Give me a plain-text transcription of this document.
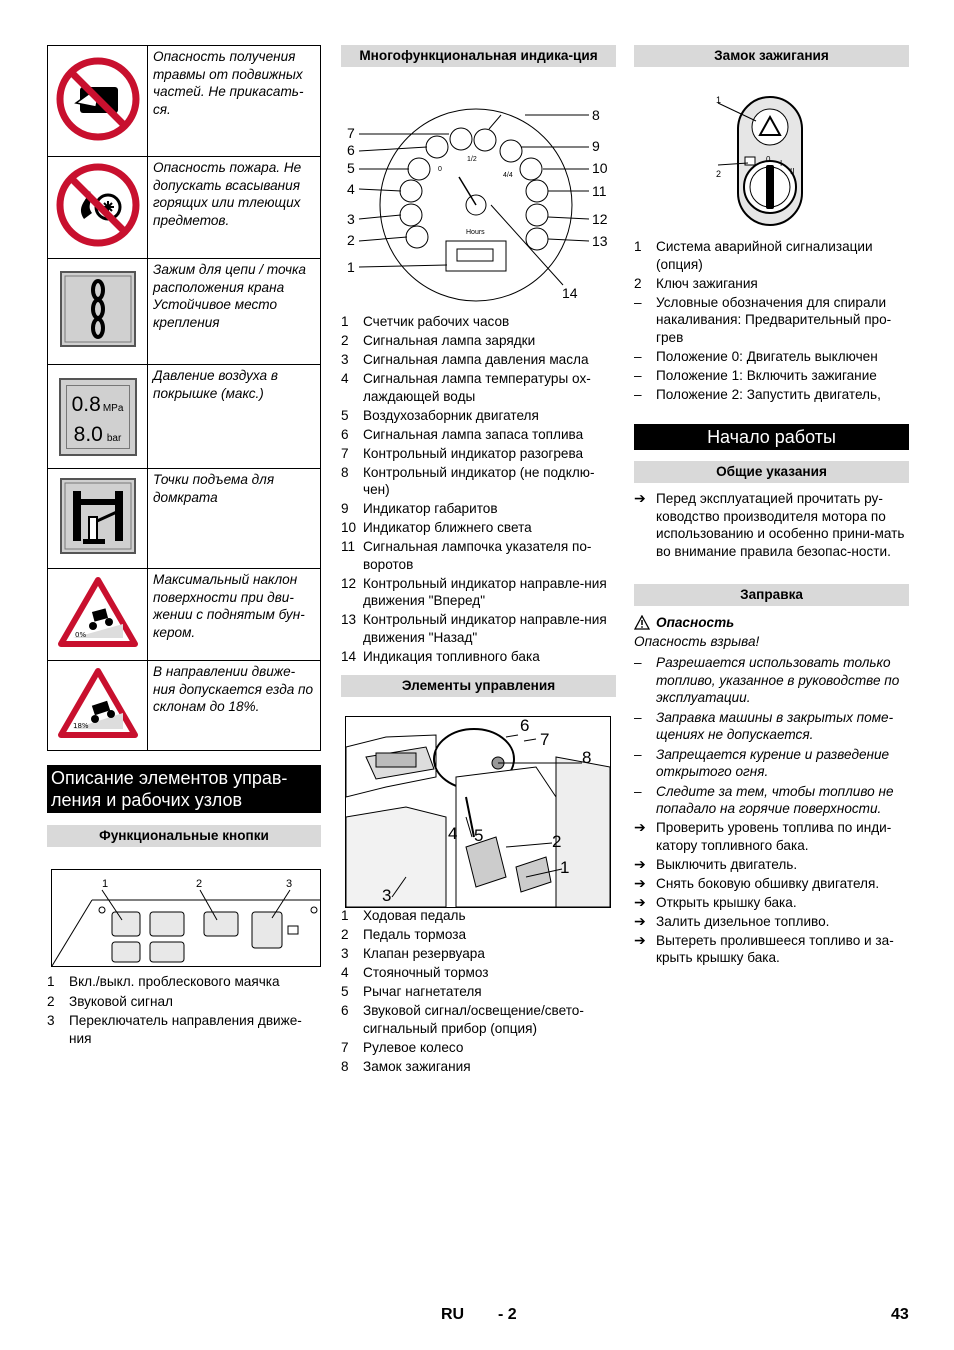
	Опасность получения травмы от подвижных частей. Не прикасать-ся.
	Опасность пожара. Не допускать всасывания горящих или тлеющих предметов.
	Зажим для цепи / точка расположения крана Устойчивое место крепления

0.8 MPa
8.0 bar	Давление воздуха в покрышке (макс.)
	Точки подъема для домкрата

0%	Максимальный наклон поверхности при дви-жении с поднятым бун-кером.

18%	В направлении движе-ния допускается езда по склонам до 18%.
Описание элементов управ-ления и рабочих узлов
Функциональные кнопки
1	2	3
1	Вкл./выкл. проблескового маячка
2	Звуковой сигнал
3	Переключатель направления движе-ния
Многофункциональная индика-ция
Hours
0
1/2
4/4
7
6
5
4
3
2
1
8
9
10
11
12
13
14
1	Счетчик рабочих часов
2	Сигнальная лампа зарядки
3	Сигнальная лампа давления масла
4	Сигнальная лампа температуры ох-лаждающей воды
5	Воздухозаборник двигателя
6	Сигнальная лампа запаса топлива
7	Контрольный индикатор разогрева
8	Контрольный индикатор (не подклю-чен)
9	Индикатор габаритов
10 Индикатор ближнего света
11 Сигнальная лампочка указателя по-воротов
12 Контрольный индикатор направле-ния движения "Вперед"
13 Контрольный индикатор направле-ния движения "Назад"
14 Индикация топливного бака
Элементы управления
6
7
8
4 5	2
1
3
1	Ходовая педаль
2	Педаль тормоза
3	Клапан резервуара
4	Стояночный тормоз
5	Рычаг нагнетателя
6	Звуковой сигнал/освещение/свето-сигнальный прибор (опция)
7	Рулевое колесо
8	Замок зажигания
Замок зажигания
1
2
0 I
II
1	Система аварийной сигнализации (опция)
2	Ключ зажигания
–	Условные обозначения для спирали накаливания: Предварительный про-грев
–	Положение 0: Двигатель выключен
–	Положение 1: Включить зажигание
–	Положение 2: Запустить двигатель,
Начало работы
Общие указания
➔ Перед эксплуатацией прочитать ру-ководство производителя мотора по использованию и особенно прини-мать во внимание правила безопас-ности.
Заправка
Опасность
Опасность взрыва!
–	Разрешается использовать только топливо, указанное в руководстве по эксплуатации.
–	Заправка машины в закрытых поме-щениях не допускается.
–	Запрещается курение и разведение открытого огня.
–	Следите за тем, чтобы топливо не попадало на горячие поверхности.
➔ Проверить уровень топлива по инди-катору топливного бака.
➔ Выключить двигатель.
➔ Снять боковую обшивку двигателя.
➔ Открыть крышку бака.
➔ Залить дизельное топливо.
➔ Вытереть пролившееся топливо и за-крыть крышку бака.
RU - 2	43
